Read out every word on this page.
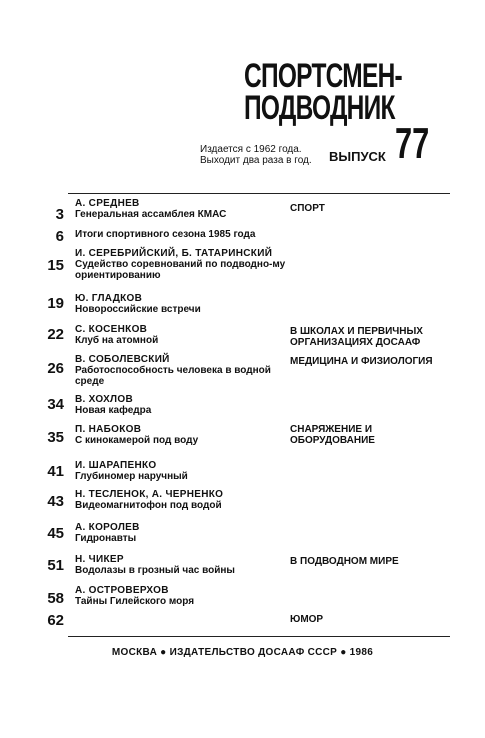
СПОРТСМЕН-
ПОДВОДНИК
Издается с 1962 года.
Выходит два раза в год. ВЫПУСК 77
3
А. СРЕДНЕВ
Генеральная ассамблея КМАС
СПОРТ
6 Итоги спортивного сезона 1985 года
15
И. СЕРЕБРИЙСКИЙ, Б. ТАТАРИНСКИЙ
Судейство соревнований по подводно-му ориентированию
19 Ю. ГЛАДКОВ
Новороссийские встречи
22 С. КОСЕНКОВ
Клуб на атомной
В ШКОЛАХ И ПЕРВИЧНЫХ ОРГАНИЗАЦИЯХ ДОСААФ
26
В. СОБОЛЕВСКИЙ
Работоспособность человека в водной среде
МЕДИЦИНА И ФИЗИОЛОГИЯ
34 В. ХОХЛОВ
Новая кафедра
35 П. НАБОКОВ
С кинокамерой под воду
СНАРЯЖЕНИЕ И ОБОРУДОВАНИЕ
41 И. ШАРАПЕНКО
Глубиномер наручный
43 Н. ТЕСЛЕНОК, А. ЧЕРНЕНКО
Видеомагнитофон под водой
45 А. КОРОЛЕВ
Гидронавты
51 Н. ЧИКЕР
Водолазы в грозный час войны
В ПОДВОДНОМ МИРЕ
58 А. ОСТРОВЕРХОВ
Тайны Гилейского моря
62	ЮМОР
МОСКВА ● ИЗДАТЕЛЬСТВО ДОСААФ СССР ● 1986
